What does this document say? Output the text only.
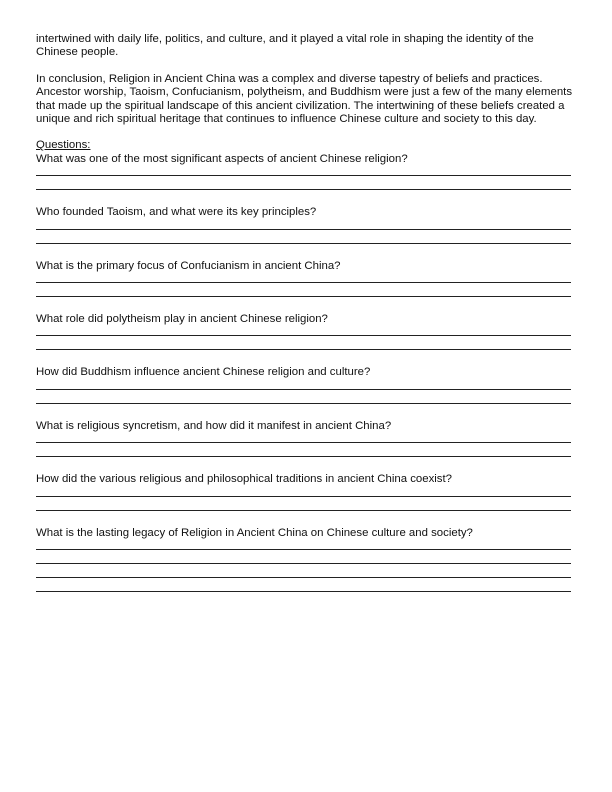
intertwined with daily life, politics, and culture, and it played a vital role in shaping the identity of the Chinese people.

In conclusion, Religion in Ancient China was a complex and diverse tapestry of beliefs and practices. Ancestor worship, Taoism, Confucianism, polytheism, and Buddhism were just a few of the many elements that made up the spiritual landscape of this ancient civilization. The intertwining of these beliefs created a unique and rich spiritual heritage that continues to influence Chinese culture and society to this day.

Questions:

What was one of the most significant aspects of ancient Chinese religion?

Who founded Taoism, and what were its key principles?

What is the primary focus of Confucianism in ancient China?

What role did polytheism play in ancient Chinese religion?

How did Buddhism influence ancient Chinese religion and culture?

What is religious syncretism, and how did it manifest in ancient China?

How did the various religious and philosophical traditions in ancient China coexist?

What is the lasting legacy of Religion in Ancient China on Chinese culture and society?
